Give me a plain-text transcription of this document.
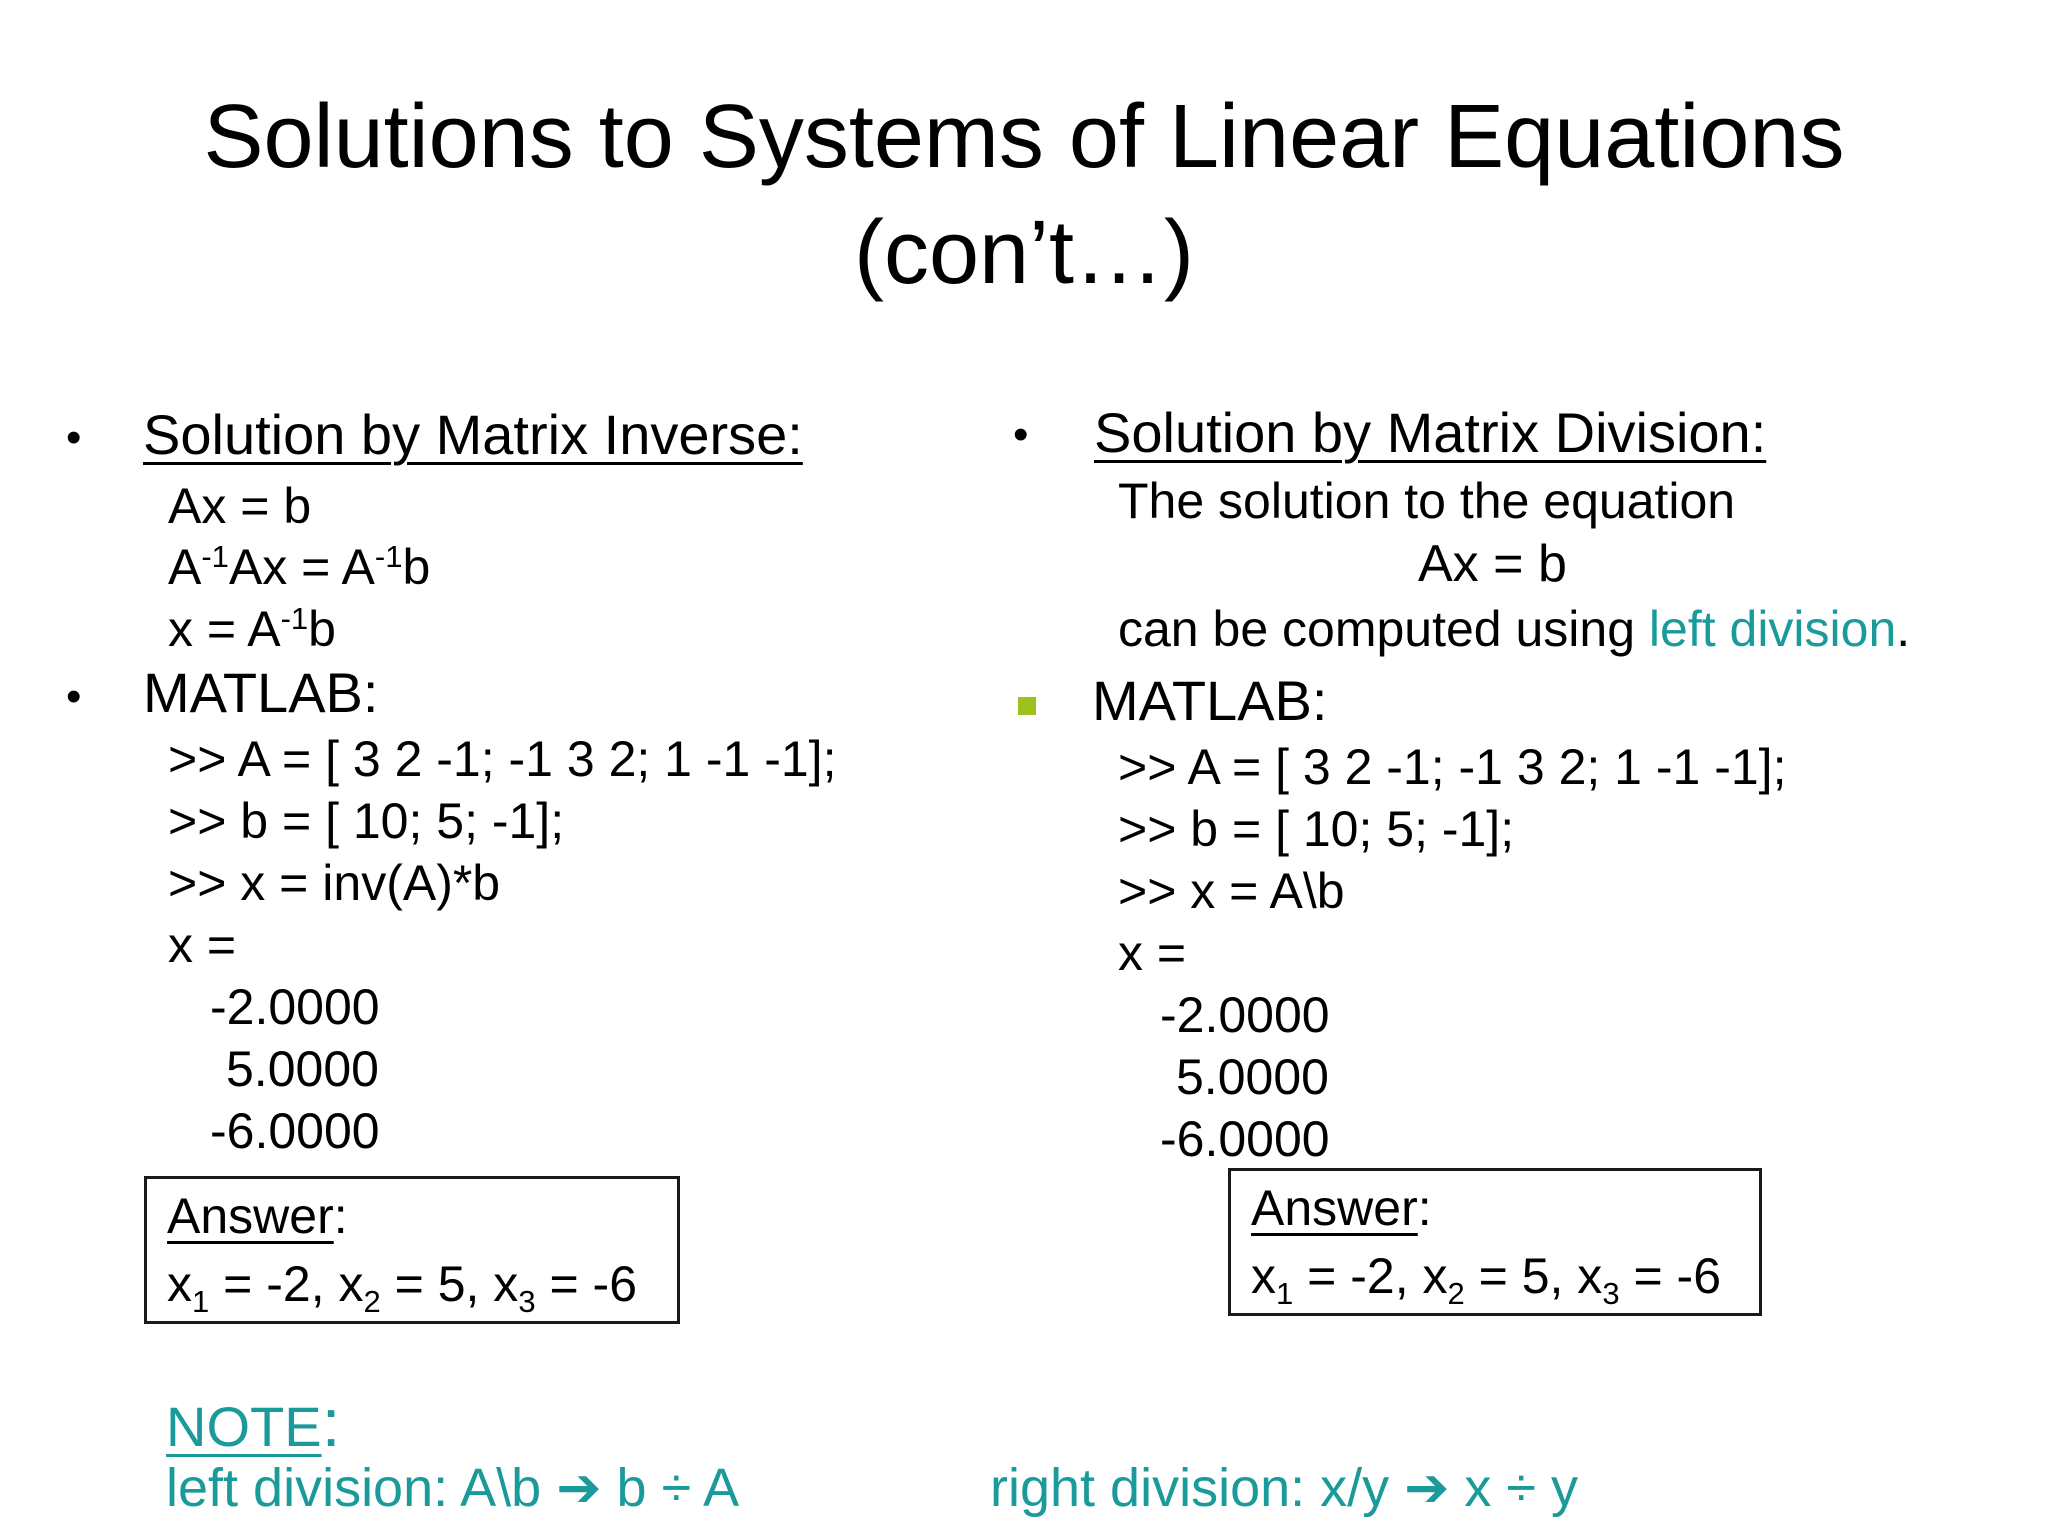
Solutions to Systems of Linear Equations
(con’t…)
• Solution by Matrix Inverse:
Ax = b
$A^{-1}Ax = A^{-1}b$
$x = A^{-1}b$
• MATLAB:
>> A = [ 3 2 -1; -1 3 2; 1 -1 -1];
>> b = [ 10; 5; -1];
>> x = inv(A)*b
x =
-2.0000
5.0000
-6.0000
Answer:
$x_1 = -2$, $x_2 = 5$, $x_3 = -6$
• Solution by Matrix Division:
The solution to the equation
Ax = b
can be computed using left division.
MATLAB:
>> A = [ 3 2 -1; -1 3 2; 1 -1 -1];
>> b = [ 10; 5; -1];
>> x = A\b
x =
-2.0000
5.0000
-6.0000
Answer:
$x_1 = -2$, $x_2 = 5$, $x_3 = -6$
NOTE:
left division: A\b ➔ b ÷ A	right division: x/y ➔ x ÷ y
